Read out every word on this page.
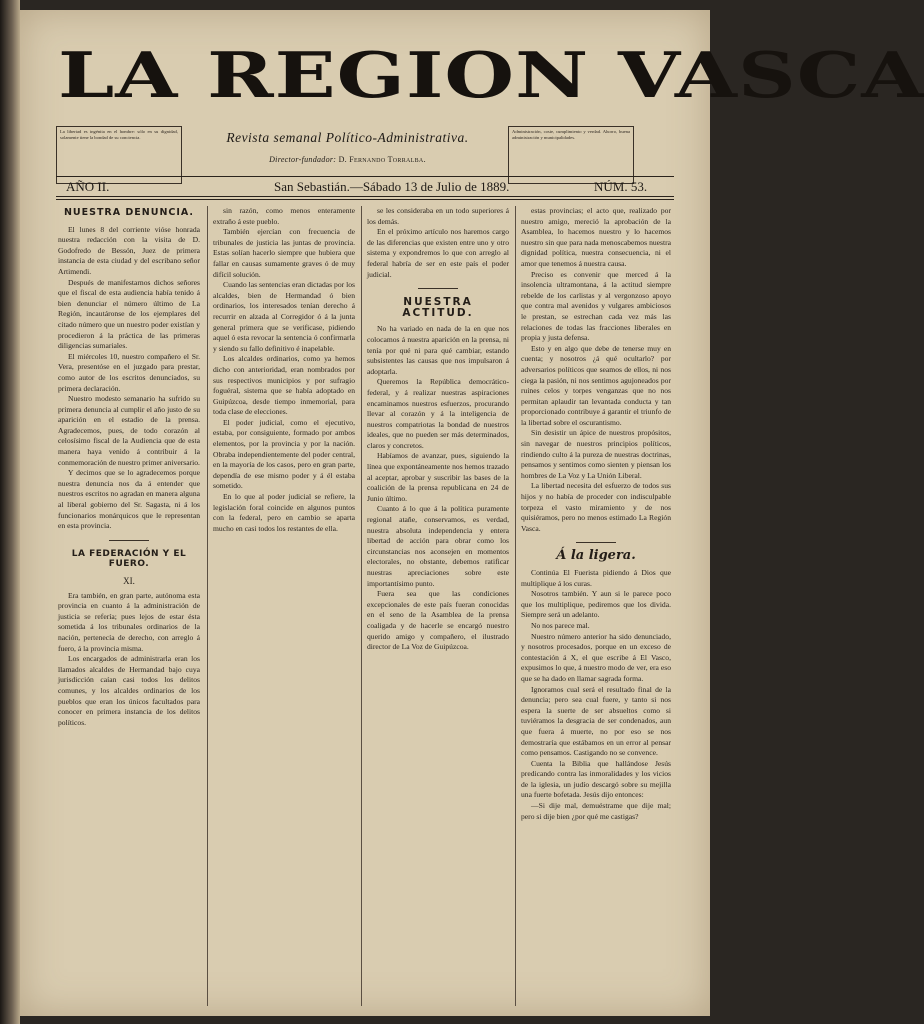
LA REGION VASCA
La libertad es ingénita en el hombre: sólo en su dignidad, solamente tiene la bondad de su conciencia.
Administración, coste, cumplimiento y verdad. Ahorro, buena administración y municipalidades.
Revista semanal Político-Administrativa.
Director-fundador: D. Fernando Torralba.
AÑO II.	San Sebastián.—Sábado 13 de Julio de 1889.	NÚM. 53.
NUESTRA DENUNCIA.

El lunes 8 del corriente vióse honrada nuestra redacción con la visita de D. Godofredo de Bessón, Juez de primera instancia de esta ciudad y del escribano señor Artimendi.

Después de manifestarnos dichos señores que el fiscal de esta audiencia había tenido á bien denunciar el número último de La Región, incautáronse de los ejemplares del citado número que un nuestro poder existían y procedieron á la práctica de las primeras diligencias sumariales.

El miércoles 10, nuestro compañero el Sr. Vera, presentóse en el juzgado para prestar, como autor de los escritos denunciados, su primera declaración.

Nuestro modesto semanario ha sufrido su primera denuncia al cumplir el año justo de su aparición en el estadio de la prensa. Agradecemos, pues, de todo corazón al celosísimo fiscal de la Audiencia que de esta manera haya venido á contribuir á la conmemoración de nuestro primer aniversario.

Y decimos que se lo agradecemos porque nuestra denuncia nos da á entender que nuestros escritos no agradan en manera alguna al liberal gobierno del Sr. Sagasta, ni á los funcionarios monárquicos que le representan en esta provincia.

LA FEDERACIÓN Y EL FUERO.
XI.

Era también, en gran parte, autónoma esta provincia en cuanto á la administración de justicia se refería; pues lejos de estar ésta sometida á los tribunales ordinarios de la nación, pertenecía de derecho, con arreglo á fuero, á la provincia misma.

Los encargados de administrarla eran los llamados alcaldes de Hermandad bajo cuya jurisdicción caían casi todos los delitos comunes, y los alcaldes ordinarios de los pueblos que eran los únicos facultados para conocer en primera instancia de los delitos políticos.

sin razón, como menos enteramente extraño á este pueblo.

También ejercían con frecuencia de tribunales de justicia las juntas de provincia. Estas solían hacerlo siempre que hubiera que fallar en causas sumamente graves ó de muy difícil solución.

Cuando las sentencias eran dictadas por los alcaldes, bien de Hermandad ó bien ordinarios, los interesados tenían derecho á recurrir en alzada al Corregidor ó á la junta general primera que se verificase, pidiendo aquel ó esta revocar la sentencia ó confirmarla y siendo su fallo definitivo é inapelable.

Los alcaldes ordinarios, como ya hemos dicho con anterioridad, eran nombrados por sus respectivos municipios y por sufragio foguéral, sistema que se había adoptado en Guipúzcoa, desde tiempo inmemorial, para toda clase de elecciones.

El poder judicial, como el ejecutivo, estaba, por consiguiente, formado por ambos elementos, por la provincia y por la nación. Obraba independientemente del poder central, en la mayoría de los casos, pero en gran parte, dependía de ese mismo poder y á él estaba sometido.

En lo que al poder judicial se refiere, la legislación foral coincide en algunos puntos con la federal, pero en cambio se aparta mucho en casi todos los restantes de ella.

se les consideraba en un todo superiores á los demás.

En el próximo artículo nos haremos cargo de las diferencias que existen entre uno y otro sistema y expondremos lo que con arreglo al federal habría de ser en este país el poder judicial.

NUESTRA ACTITUD.

No ha variado en nada de la en que nos colocamos á nuestra aparición en la prensa, ni tenía por qué ni para qué cambiar, estando subsistentes las causas que nos impulsaron á adoptarla.

Queremos la República democrático-federal, y á realizar nuestras aspiraciones encaminamos nuestros esfuerzos, procurando llevar al corazón y á la inteligencia de nuestros compatriotas la bondad de nuestros ideales, que no pueden ser más determinados, claros y concretos.

Habíamos de avanzar, pues, siguiendo la línea que expontáneamente nos hemos trazado al aceptar, aprobar y suscribir las bases de la coalición de la prensa republicana en 24 de Junio último.

Cuanto á lo que á la política puramente regional atañe, conservamos, es verdad, nuestra absoluta independencia y entera libertad de acción para obrar como los circunstancias nos aconsejen en momentos electorales, no obstante, debemos ratificar nuestras apreciaciones sobre este importantísimo punto.

Fuera sea que las condiciones excepcionales de este país fueran conocidas en el seno de la Asamblea de la prensa coaligada y de hacerle se encargó nuestro querido amigo y compañero, el ilustrado director de La Voz de Guipúzcoa.

estas provincias; el acto que, realizado por nuestro amigo, mereció la aprobación de la Asamblea, lo hacemos nuestro y lo hacemos nuestro sin que para nada menoscabemos nuestra dignidad política, nuestra consecuencia, ni el amor que tenemos á nuestra causa.

Preciso es convenir que merced á la insolencia ultramontana, á la actitud siempre rebelde de los carlistas y al vergonzoso apoyo que contra mal avenidos y vulgares ambiciosos le prestan, se estrechan cada vez más las relaciones de todas las fracciones liberales en propia y justa defensa.

Esto y en algo que debe de tenerse muy en cuenta; y nosotros ¿á qué ocultarlo? por adversarios políticos que seamos de ellos, ni nos ciega la pasión, ni nos sentimos agujoneados por ruines celos y torpes venganzas que no nos permitan aplaudir tan levantada conducta y tan proporcionado contribuye á garantir el triunfo de la libertad sobre el oscurantismo.

Sin desistir un ápice de nuestros propósitos, sin navegar de nuestros principios políticos, rindiendo culto á la pureza de nuestras doctrinas, pensamos y sentimos como sienten y piensan los hombres de La Voz y La Unión Liberal.

La libertad necesita del esfuerzo de todos sus hijos y no había de proceder con indisculpable torpeza el vasto miramiento y de nos quisiéramos, pero no menos estimado La Región Vasca.

Á la ligera.

Continúa El Fuerista pidiendo á Dios que multiplique á los curas.

Nosotros también. Y aun si le parece poco que los multiplique, pediremos que los divida. Siempre será un adelanto.

No nos parece mal.

Nuestro número anterior ha sido denunciado, y nosotros procesados, porque en un exceso de contestación á X, el que escribe á El Vasco, expusimos lo que, á nuestro modo de ver, era eso que se ha dado en llamar sagrada forma.

Ignoramos cual será el resultado final de la denuncia; pero sea cual fuere, y tanto si nos espera la suerte de ser absueltos como si tuviéramos la desgracia de ser condenados, aun que fuera á muerte, no por eso se nos demostraría que estábamos en un error al pensar como pensamos. Castigando no se convence.

Cuenta la Biblia que hallándose Jesús predicando contra las inmoralidades y los vicios de la iglesia, un judío descargó sobre su mejilla una fuerte bofetada. Jesús dijo entonces:

—Si dije mal, demuéstrame que dije mal; pero si dije bien ¿por qué me castigas?
